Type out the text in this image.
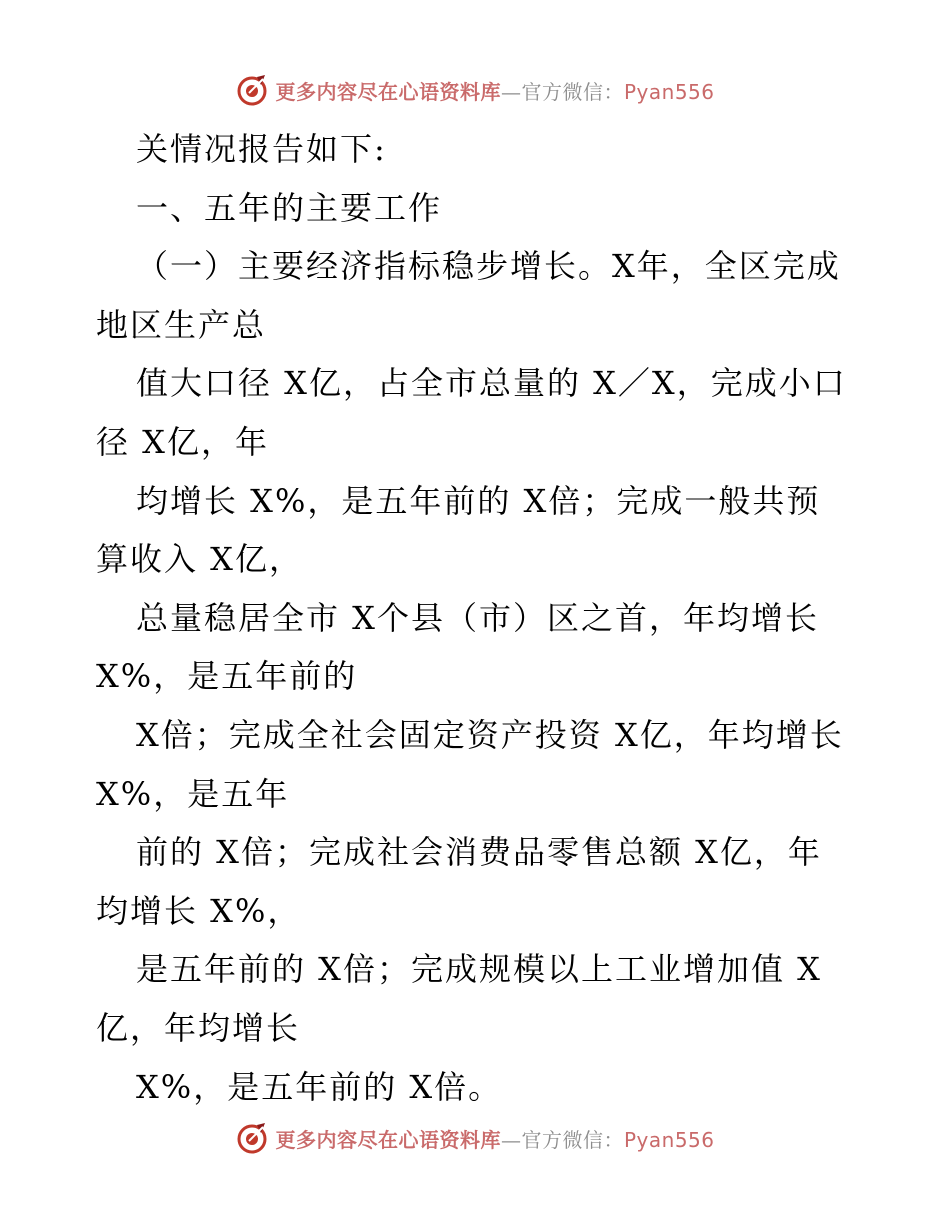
更多内容尽在心语资料库—官方微信：Pyan556
关情况报告如下:
一、五年的主要工作
（一）主要经济指标稳步增长。X年，全区完成
地区生产总
值大口径 X亿，占全市总量的 X／X，完成小口
径 X亿，年
均增长 X%，是五年前的 X倍；完成一般共预
算收入 X亿，
总量稳居全市 X个县（市）区之首，年均增长
X%，是五年前的
X倍；完成全社会固定资产投资 X亿，年均增长
X%，是五年
前的 X倍；完成社会消费品零售总额 X亿，年
均增长 X%，
是五年前的 X倍；完成规模以上工业增加值 X
亿，年均增长
X%，是五年前的 X倍。
更多内容尽在心语资料库—官方微信：Pyan556
